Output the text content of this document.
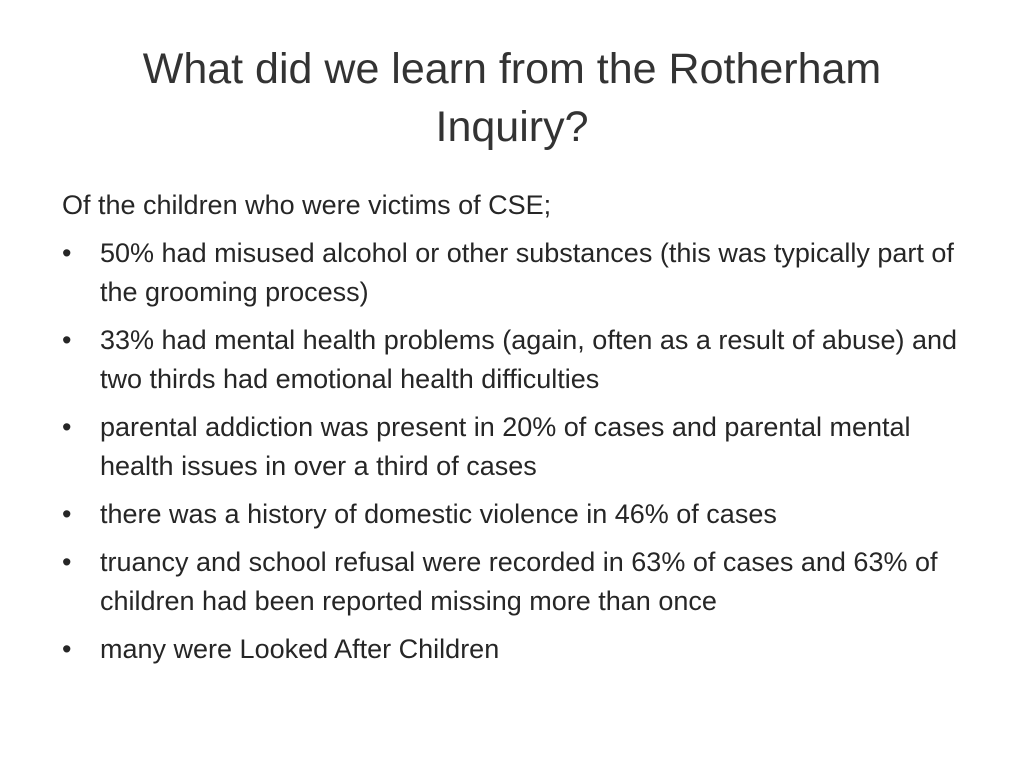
What did we learn from the Rotherham Inquiry?

Of the children who were victims of CSE;

•	50% had misused alcohol or other substances (this was typically part of the grooming process)
•	33% had mental health problems (again, often as a result of abuse) and two thirds had emotional health difficulties
•	parental addiction was present in 20% of cases and parental mental health issues in over a third of cases
•	there was a history of domestic violence in 46% of cases
•	truancy and school refusal were recorded in 63% of cases and 63% of children had been reported missing more than once
•	many were Looked After Children
